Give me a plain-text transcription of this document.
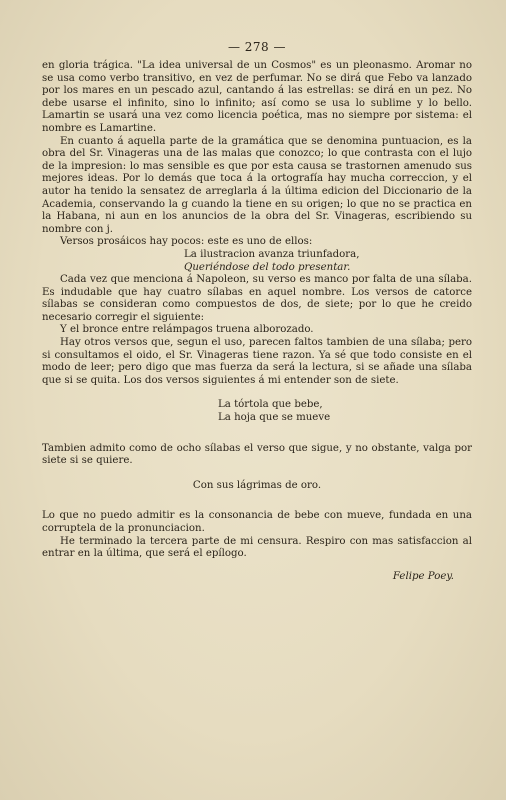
— 278 —

en gloria trágica. "La idea universal de un Cosmos" es un pleonasmo. Aromar no se usa como verbo transitivo, en vez de perfumar. No se dirá que Febo va lanzado por los mares en un pescado azul, cantando á las estrellas: se dirá en un pez. No debe usarse el infinito, sino lo infinito; así como se usa lo sublime y lo bello. Lamartin se usará una vez como licencia poética, mas no siempre por sistema: el nombre es Lamartine.

En cuanto á aquella parte de la gramática que se denomina puntuacion, es la obra del Sr. Vinageras una de las malas que conozco; lo que contrasta con el lujo de la impresion: lo mas sensible es que por esta causa se trastornen amenudo sus mejores ideas. Por lo demás que toca á la ortografía hay mucha correccion, y el autor ha tenido la sensatez de arreglarla á la última edicion del Diccionario de la Academia, conservando la g cuando la tiene en su origen; lo que no se practica en la Habana, ni aun en los anuncios de la obra del Sr. Vinageras, escribiendo su nombre con j.

Versos prosáicos hay pocos: este es uno de ellos:

La ilustracion avanza triunfadora,

Queriéndose del todo presentar.

Cada vez que menciona á Napoleon, su verso es manco por falta de una sílaba. Es indudable que hay cuatro sílabas en aquel nombre. Los versos de catorce sílabas se consideran como compuestos de dos, de siete; por lo que he creido necesario corregir el siguiente:

Y el bronce entre relámpagos truena alborozado.

Hay otros versos que, segun el uso, parecen faltos tambien de una sílaba; pero si consultamos el oido, el Sr. Vinageras tiene razon. Ya sé que todo consiste en el modo de leer; pero digo que mas fuerza da será la lectura, si se añade una sílaba que si se quita. Los dos versos siguientes á mi entender son de siete.

La tórtola que bebe,

La hoja que se mueve

Tambien admito como de ocho sílabas el verso que sigue, y no obstante, valga por siete si se quiere.

Con sus lágrimas de oro.

Lo que no puedo admitir es la consonancia de bebe con mueve, fundada en una corruptela de la pronunciacion.

He terminado la tercera parte de mi censura. Respiro con mas satisfaccion al entrar en la última, que será el epílogo.

Felipe Poey.
